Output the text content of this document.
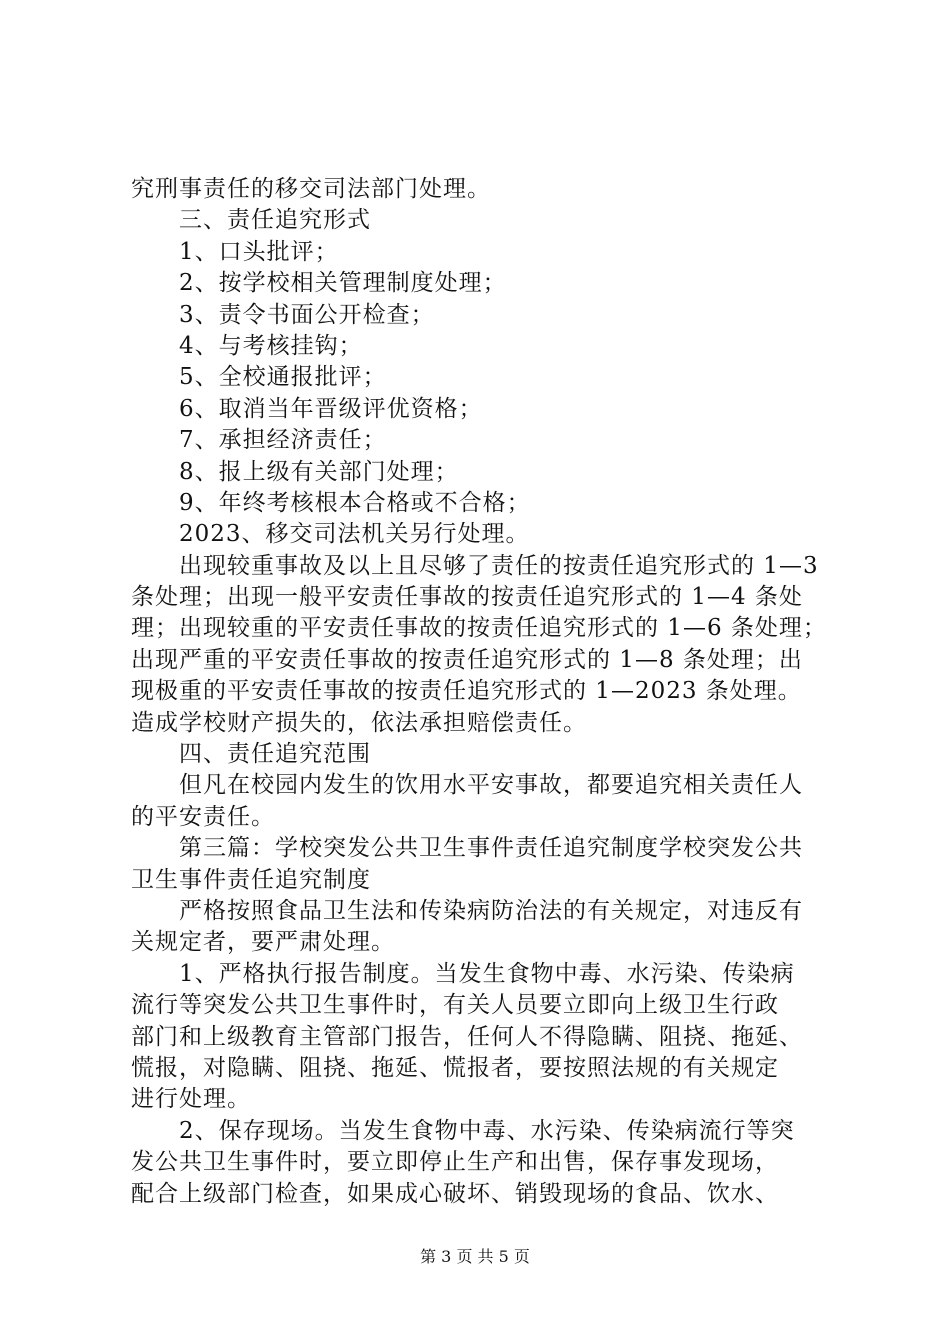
究刑事责任的移交司法部门处理。
三、责任追究形式
1、口头批评；
2、按学校相关管理制度处理；
3、责令书面公开检查；
4、与考核挂钩；
5、全校通报批评；
6、取消当年晋级评优资格；
7、承担经济责任；
8、报上级有关部门处理；
9、年终考核根本合格或不合格；
2023、移交司法机关另行处理。
出现较重事故及以上且尽够了责任的按责任追究形式的 1—3
条处理；出现一般平安责任事故的按责任追究形式的 1—4 条处
理；出现较重的平安责任事故的按责任追究形式的 1—6 条处理；
出现严重的平安责任事故的按责任追究形式的 1—8 条处理；出
现极重的平安责任事故的按责任追究形式的 1—2023 条处理。
造成学校财产损失的，依法承担赔偿责任。
四、责任追究范围
但凡在校园内发生的饮用水平安事故，都要追究相关责任人
的平安责任。
第三篇：学校突发公共卫生事件责任追究制度学校突发公共
卫生事件责任追究制度
严格按照食品卫生法和传染病防治法的有关规定，对违反有
关规定者，要严肃处理。
1、严格执行报告制度。当发生食物中毒、水污染、传染病
流行等突发公共卫生事件时，有关人员要立即向上级卫生行政
部门和上级教育主管部门报告，任何人不得隐瞒、阻挠、拖延、
慌报，对隐瞒、阻挠、拖延、慌报者，要按照法规的有关规定
进行处理。
2、保存现场。当发生食物中毒、水污染、传染病流行等突
发公共卫生事件时，要立即停止生产和出售，保存事发现场，
配合上级部门检查，如果成心破坏、销毁现场的食品、饮水、
第 3 页 共 5 页
